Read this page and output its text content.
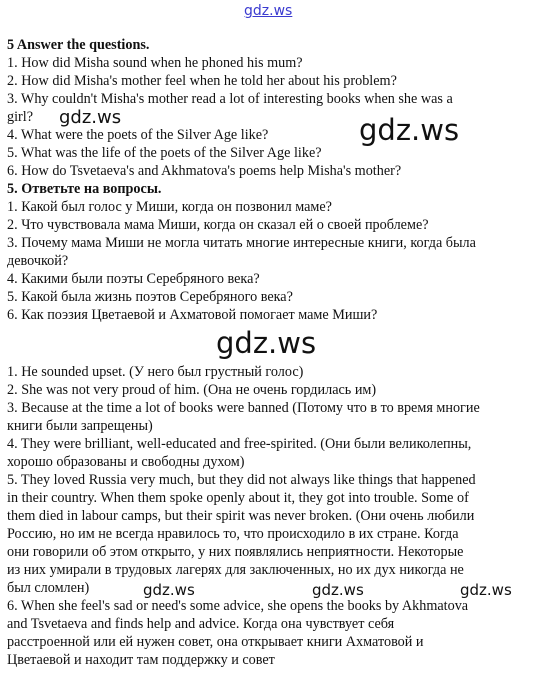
gdz.ws
5 Answer the questions.
1. How did Misha sound when he phoned his mum?
2. How did Misha's mother feel when he told her about his problem?
3. Why couldn't Misha's mother read a lot of interesting books when she was a
girl?
4. What were the poets of the Silver Age like?
5. What was the life of the poets of the Silver Age like?
6. How do Tsvetaeva's and Akhmatova's poems help Misha's mother?
5. Ответьте на вопросы.
1. Какой был голос у Миши, когда он позвонил маме?
2. Что чувствовала мама Миши, когда он сказал ей о своей проблеме?
3. Почему мама Миши не могла читать многие интересные книги, когда была
девочкой?
4. Какими были поэты Серебряного века?
5. Какой была жизнь поэтов Серебряного века?
6. Как поэзия Цветаевой и Ахматовой помогает маме Миши?
1. He sounded upset. (У него был грустный голос)
2. She was not very proud of him. (Она не очень гордилась им)
3. Because at the time a lot of books were banned (Потому что в то время многие
книги были запрещены)
4. They were brilliant, well-educated and free-spirited. (Они были великолепны,
хорошо образованы и свободны духом)
5. They loved Russia very much, but they did not always like things that happened
in their country. When them spoke openly about it, they got into trouble. Some of
them died in labour camps, but their spirit was never broken. (Они очень любили
Россию, но им не всегда нравилось то, что происходило в их стране. Когда
они говорили об этом открыто, у них появлялись неприятности. Некоторые
из них умирали в трудовых лагерях для заключенных, но их дух никогда не
был сломлен)
6. When she feel's sad or need's some advice, she opens the books by Akhmatova
and Tsvetaeva and finds help and advice. Когда она чувствует себя
расстроенной или ей нужен совет, она открывает книги Ахматовой и
Цветаевой и находит там поддержку и совет
gdz.ws	gdz.ws
gdz.ws
gdz.ws	gdz.ws	gdz.ws
